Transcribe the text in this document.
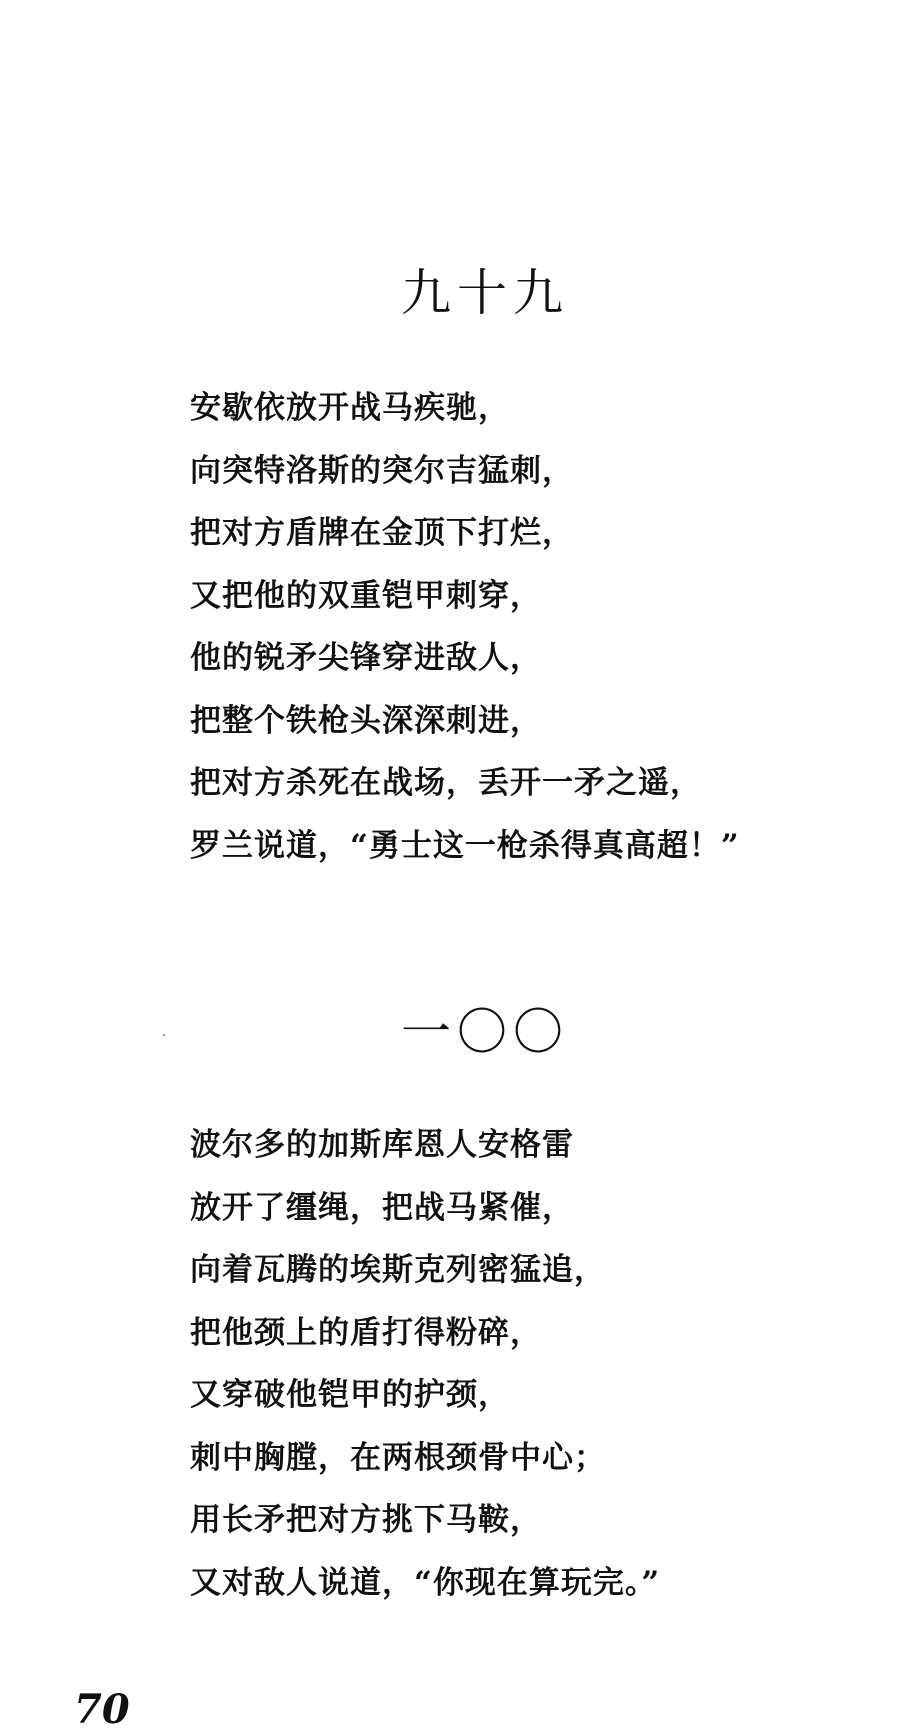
九十九
安歇依放开战马疾驰，
向突特洛斯的突尔吉猛刺，
把对方盾牌在金顶下打烂，
又把他的双重铠甲刺穿，
他的锐矛尖锋穿进敌人，
把整个铁枪头深深刺进，
把对方杀死在战场，丢开一矛之遥，
罗兰说道，“勇士这一枪杀得真高超！”
一〇〇
波尔多的加斯库恩人安格雷
放开了缰绳，把战马紧催，
向着瓦腾的埃斯克列密猛追，
把他颈上的盾打得粉碎，
又穿破他铠甲的护颈，
刺中胸膛，在两根颈骨中心；
用长矛把对方挑下马鞍，
又对敌人说道，“你现在算玩完。”
70
